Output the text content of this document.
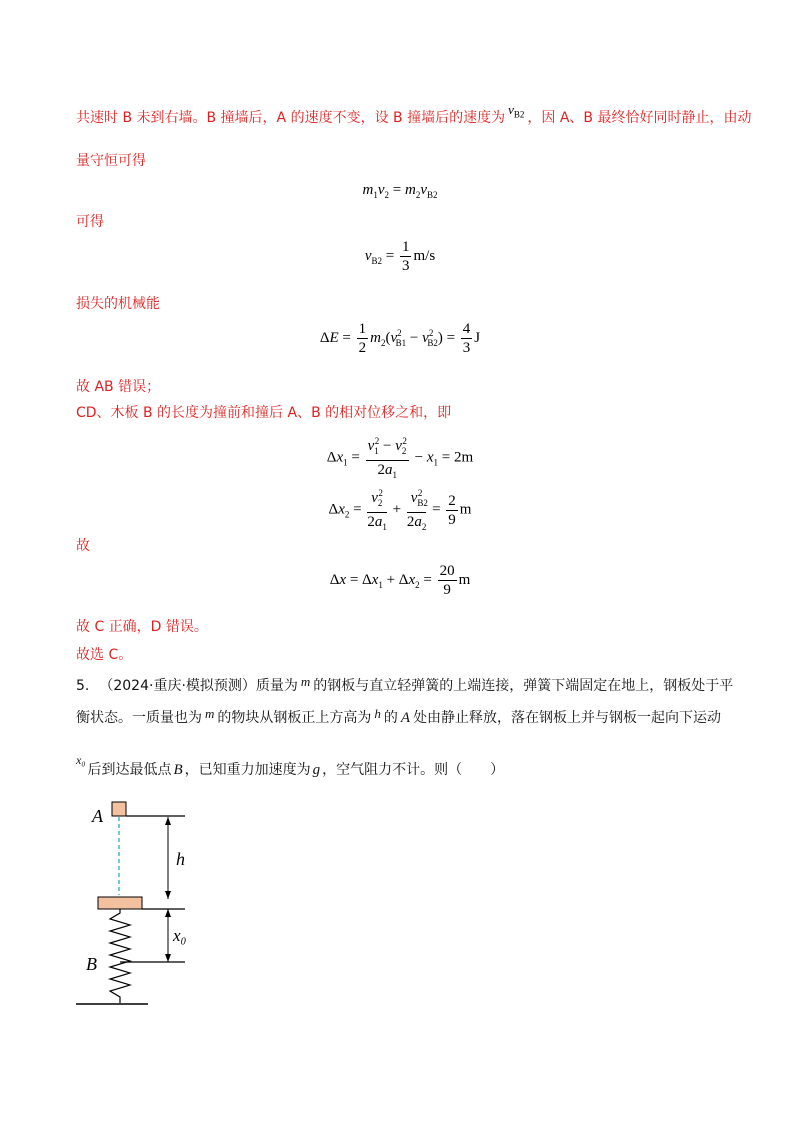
共速时 B 未到右墙。B 撞墙后，A 的速度不变，设 B 撞墙后的速度为$v_{B2}$ ，因 A、B 最终恰好同时静止，由动
量守恒可得
$m_1v_2 = m_2v_{B2}$
可得
$v_{B2} = \frac{1}{3} m/s$
损失的机械能
$\Delta E = \frac{1}{2} m_2(v^2_{B1} - v^2_{B2}) = \frac{4}{3}$ J
故 AB 错误；
CD、木板 B 的长度为撞前和撞后 A、B 的相对位移之和，即
$\Delta x_1 = \frac{v_1^2 - v_2^2}{2a_1} - x_1 = 2m$
$\Delta x_2 = \frac{v_2^2}{2a_1} + \frac{v_{B2}^2}{2a_2} = \frac{2}{9}$ m
故
$\Delta x = \Delta x_1 + \Delta x_2 = \frac{20}{9}$ m
故 C 正确，D 错误。
故选 C。
5. （2024·重庆·模拟预测）质量为 m 的钢板与直立轻弹簧的上端连接，弹簧下端固定在地上，钢板处于平
衡状态。一质量也为 m 的物块从钢板正上方高为 h 的 A 处由静止释放，落在钢板上并与钢板一起向下运动
x₀后到达最低点 B ，已知重力加速度为 g ，空气阻力不计。则（　　）
A
h
x₀
B
